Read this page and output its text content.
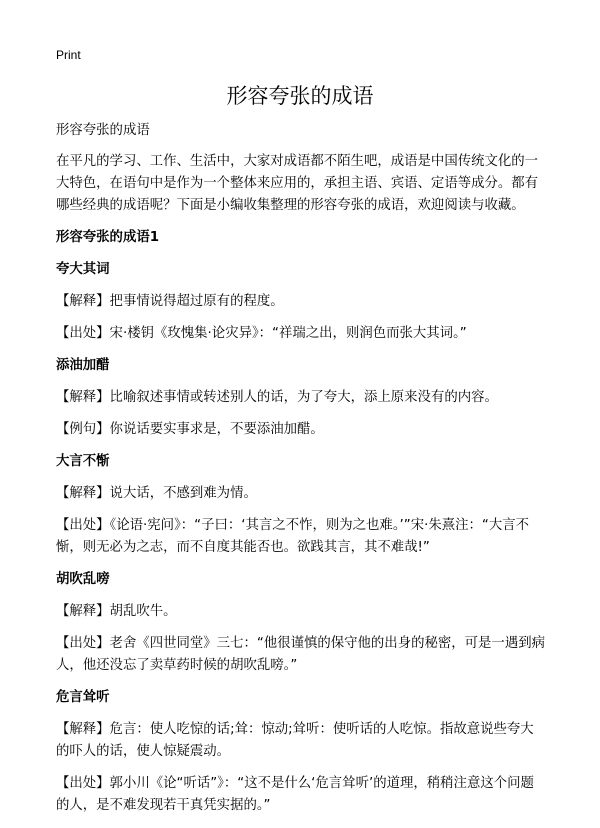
Print
形容夸张的成语

形容夸张的成语

在平凡的学习、工作、生活中，大家对成语都不陌生吧，成语是中国传统文化的一大特色，在语句中是作为一个整体来应用的，承担主语、宾语、定语等成分。都有哪些经典的成语呢？下面是小编收集整理的形容夸张的成语，欢迎阅读与收藏。

形容夸张的成语1

夸大其词

【解释】把事情说得超过原有的程度。

【出处】宋·楼钥《玫愧集·论灾异》：“祥瑞之出，则润色而张大其词。”

添油加醋

【解释】比喻叙述事情或转述别人的话，为了夸大，添上原来没有的内容。

【例句】你说话要实事求是，不要添油加醋。

大言不惭

【解释】说大话，不感到难为情。

【出处】《论语·宪问》：“子曰：‘其言之不怍，则为之也难。’”宋·朱熹注：“大言不惭，则无必为之志，而不自度其能否也。欲践其言，其不难哉!”

胡吹乱嗙

【解释】胡乱吹牛。

【出处】老舍《四世同堂》三七：“他很谨慎的保守他的出身的秘密，可是一遇到病人，他还没忘了卖草药时候的胡吹乱嗙。”

危言耸听

【解释】危言：使人吃惊的话;耸：惊动;耸听：使听话的人吃惊。指故意说些夸大的吓人的话，使人惊疑震动。

【出处】郭小川《论“听话”》：“这不是什么‘危言耸听’的道理，稍稍注意这个问题的人，是不难发现若干真凭实据的。”
